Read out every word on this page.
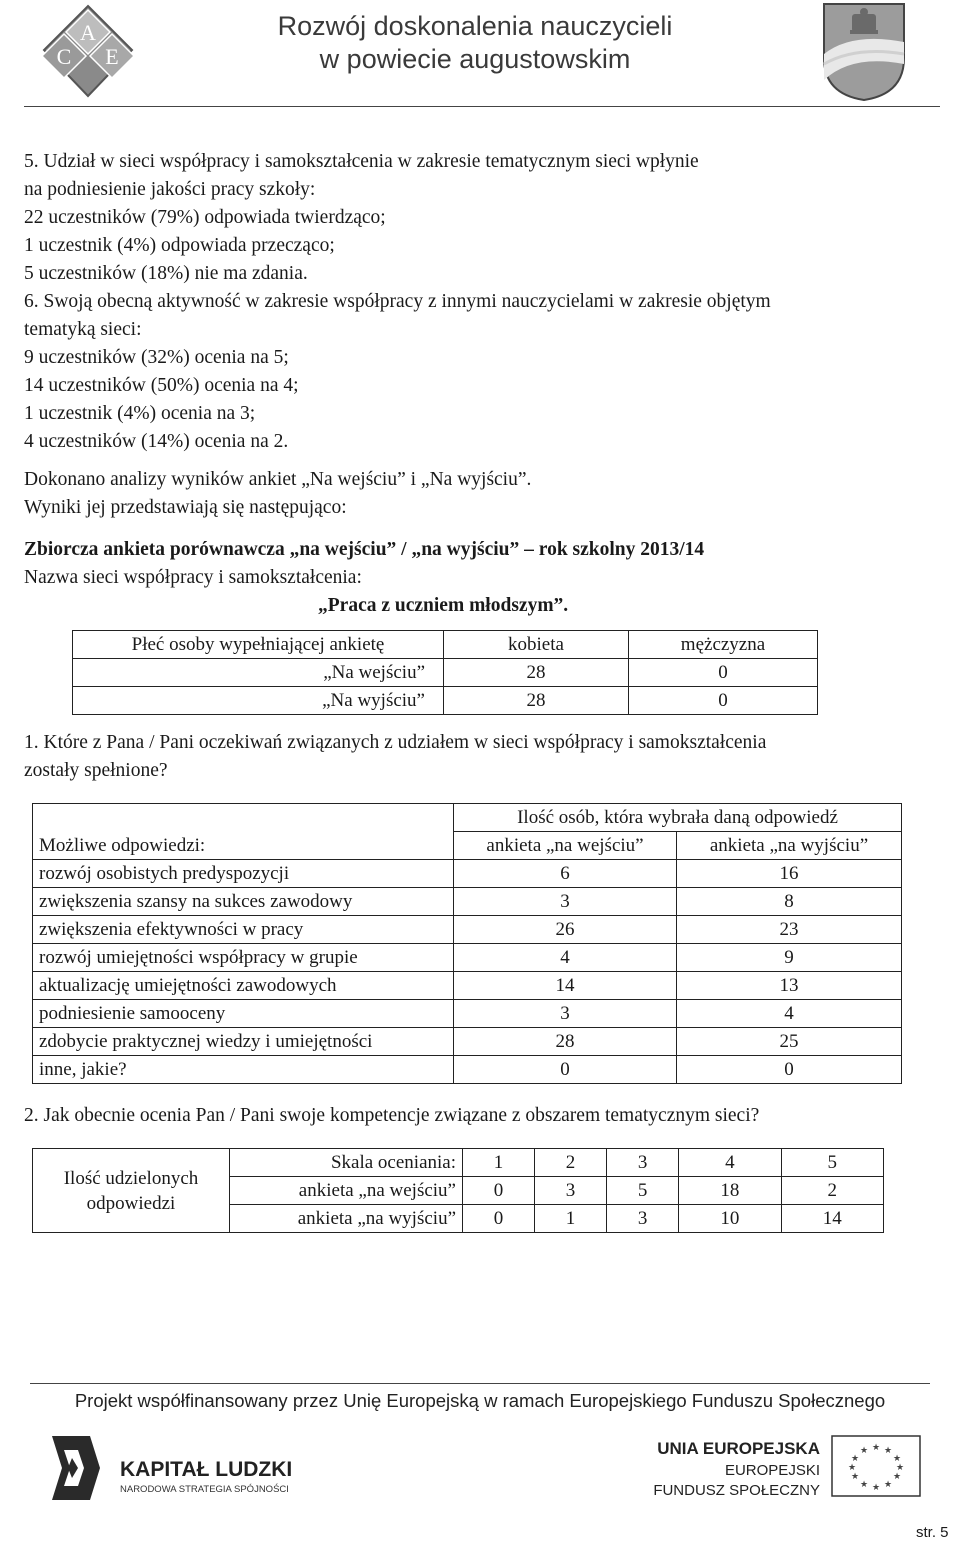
A
C E
Rozwój doskonalenia nauczycieli
w powiecie augustowskim
5. Udział w sieci współpracy i samokształcenia w zakresie tematycznym sieci wpłynie
na podniesienie jakości pracy szkoły:
22 uczestników (79%) odpowiada twierdząco;
1 uczestnik (4%) odpowiada przecząco;
5 uczestników (18%) nie ma zdania.
6. Swoją obecną aktywność w zakresie współpracy z innymi nauczycielami w zakresie objętym
tematyką sieci:
9 uczestników (32%) ocenia na 5;
14 uczestników (50%) ocenia na 4;
1 uczestnik (4%) ocenia na 3;
4 uczestników (14%) ocenia na 2.
Dokonano analizy wyników ankiet „Na wejściu” i „Na wyjściu”.
Wyniki jej przedstawiają się następująco:
Zbiorcza ankieta porównawcza „na wejściu” / „na wyjściu” – rok szkolny 2013/14
Nazwa sieci współpracy i samokształcenia:
„Praca z uczniem młodszym”.
Płeć osoby wypełniającej ankietę	kobieta	mężczyzna
„Na wejściu”	28	0
„Na wyjściu”	28	0
1. Które z Pana / Pani oczekiwań związanych z udziałem w sieci współpracy i samokształcenia
zostały spełnione?
Możliwe odpowiedzi:	Ilość osób, która wybrała daną odpowiedź	
	ankieta „na wejściu”	ankieta „na wyjściu”
rozwój osobistych predyspozycji	6	16
zwiększenia szansy na sukces zawodowy	3	8
zwiększenia efektywności w pracy	26	23
rozwój umiejętności współpracy w grupie	4	9
aktualizację umiejętności zawodowych	14	13
podniesienie samooceny	3	4
zdobycie praktycznej wiedzy i umiejętności	28	25
inne, jakie?	0	0
2. Jak obecnie ocenia Pan / Pani swoje kompetencje związane z obszarem tematycznym sieci?
Ilość udzielonych
odpowiedzi	Skala oceniania:	1	2	3	4	5
	ankieta „na wejściu”	0	3	5	18	2
	ankieta „na wyjściu”	0	1	3	10	14
Projekt współfinansowany przez Unię Europejską w ramach Europejskiego Funduszu Społecznego
KAPITAŁ LUDZKI
NARODOWA STRATEGIA SPÓJNOŚCI
UNIA EUROPEJSKA
EUROPEJSKI
FUNDUSZ SPOŁECZNY
★ ★
★
★
★
★
★
★
★
★
★
★
str. 5
